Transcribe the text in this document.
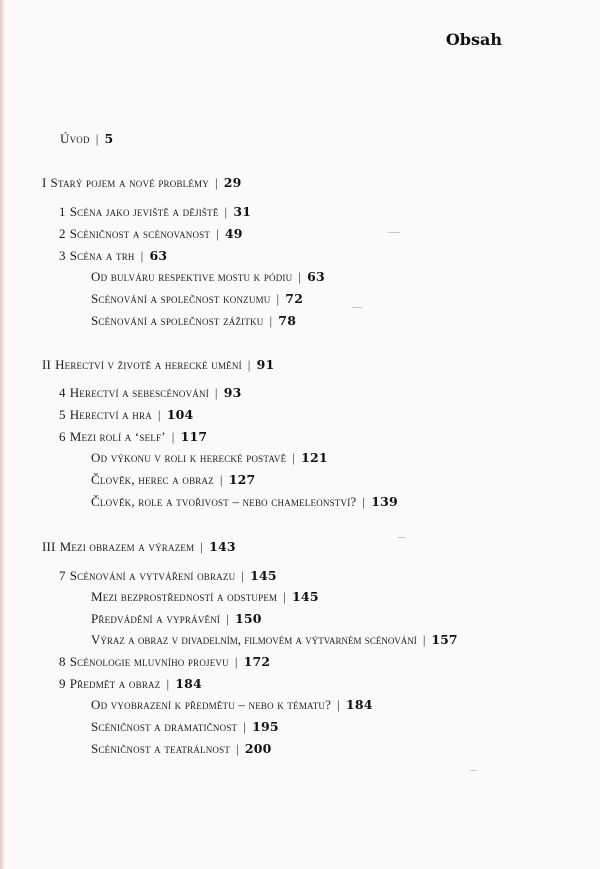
Obsah
Úvod | 5
I Starý pojem a nové problémy | 29
1 Scéna jako jeviště a dějiště | 31
2 Scéničnost a scénovanost | 49
3 Scéna a trh | 63
Od bulváru respektive mostu k pódiu | 63
Scénování a společnost konzumu | 72
Scénování a společnost zážitku | 78
II Herectví v životě a herecké umění | 91
4 Herectví a sebescénování | 93
5 Herectví a hra | 104
6 Mezi rolí a ‘self’ | 117
Od výkonu v roli k herecké postavě | 121
Člověk, herec a obraz | 127
Člověk, role a tvořivost – nebo chameleonství? | 139
III Mezi obrazem a výrazem | 143
7 Scénování a vytváření obrazu | 145
Mezi bezprostředností a odstupem | 145
Předvádění a vyprávění | 150
Výraz a obraz v divadelním, filmovém a výtvarném scénování | 157
8 Scénologie mluvního projevu | 172
9 Předmět a obraz | 184
Od vyobrazení k předmětu – nebo k tématu? | 184
Scéničnost a dramatičnost | 195
Scéničnost a teatrálnost | 200
